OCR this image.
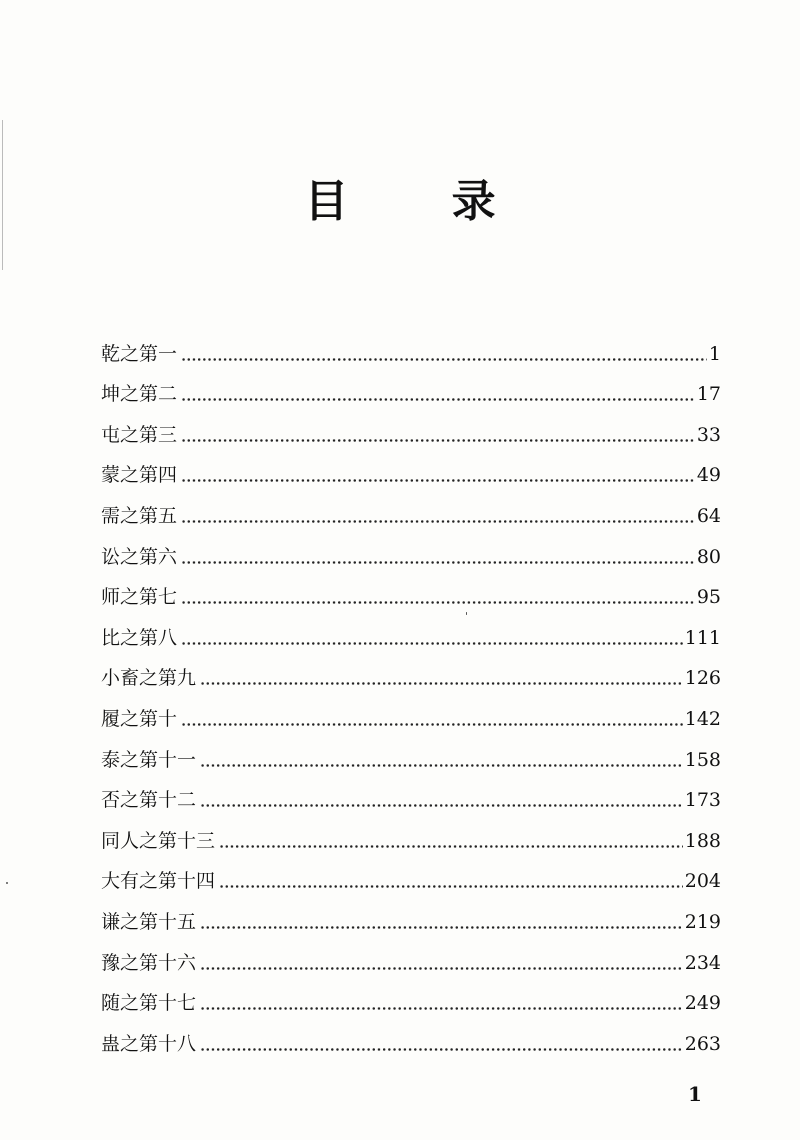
目 录
乾之第一	1
坤之第二	17
屯之第三	33
蒙之第四	49
需之第五	64
讼之第六	80
师之第七	95
比之第八	111
小畜之第九	126
履之第十	142
泰之第十一	158
否之第十二	173
同人之第十三	188
大有之第十四	204
谦之第十五	219
豫之第十六	234
随之第十七	249
蛊之第十八	263
1
